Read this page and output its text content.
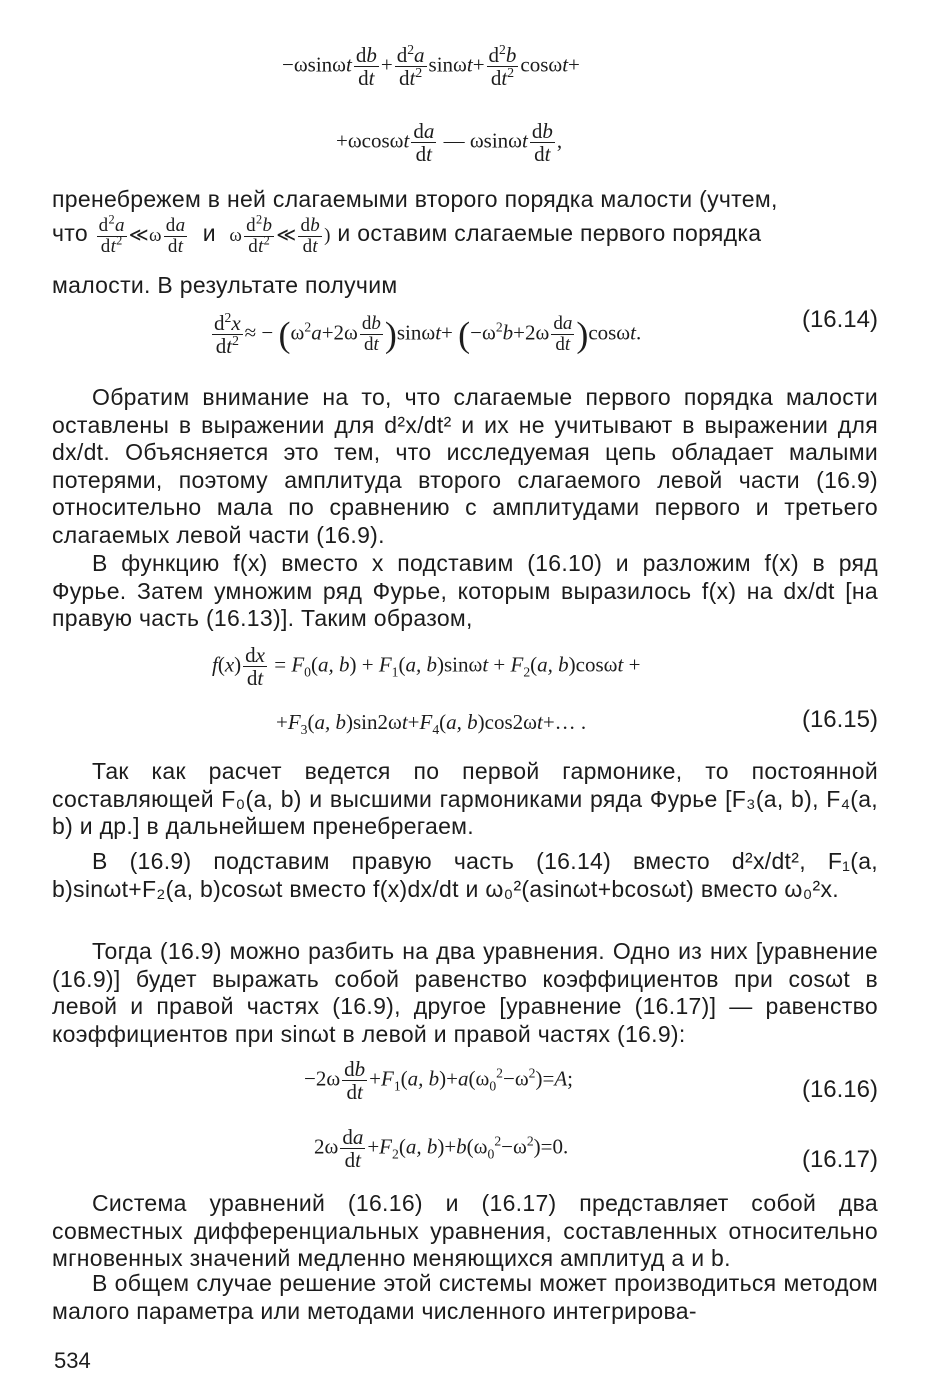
$-\omega\sin\omega t \frac{db}{dt} + \frac{d^2a}{dt^2} \sin\omega t+ \frac{d^2b}{dt^2} \cos\omega t+$
$+\omega\cos\omega t \frac{da}{dt}$ — ωsinωt $\frac{db}{dt}$ ,

пренебрежем в ней слагаемыми второго порядка малости (учтем,

что $\frac{d^2a}{dt^2}$ ≪ω $\frac{da}{dt}$ и ω $\frac{d^2b}{dt^2}$ ≪ $\frac{db}{dt}$ ) и оставим слагаемые первого порядка

малости. В результате получим

$\frac{d^2x}{dt^2}$ ≈ − $(\omega^2a+2\omega \frac{db}{dt} )\sin\omega t+ (-\omega^2b+2\omega \frac{da}{dt} )\cos\omega t$.	(16.14)

Обратим внимание на то, что слагаемые первого порядка малости оставлены в выражении для d²x/dt² и их не учитывают в выражении для dx/dt. Объясняется это тем, что исследуемая цепь обладает малыми потерями, поэтому амплитуда второго слагаемого левой части (16.9) относительно мала по сравнению с амплитудами первого и третьего слагаемых левой части (16.9).

В функцию f(x) вместо x подставим (16.10) и разложим f(x) в ряд Фурье. Затем умножим ряд Фурье, которым выразилось f(x) на dx/dt [на правую часть (16.13)]. Таким образом,

$f(x) \frac{dx}{dt} = F_0(a$, $b) + F_1(a$, $b)\sin\omega t + F_2(a$, b)cosωt +
$+F_3(a$, $b)\sin 2\omega t+F_4(a$, b)cos2ωt+… .	(16.15)

Так как расчет ведется по первой гармонике, то постоянной составляющей F₀(a, b) и высшими гармониками ряда Фурье [F₃(a, b), F₄(a, b) и др.] в дальнейшем пренебрегаем.

В (16.9) подставим правую часть (16.14) вместо d²x/dt², F₁(a, b)sinωt+F₂(a, b)cosωt вместо f(x)dx/dt и ω₀²(asinωt+bcosωt) вместо ω₀²x.

Тогда (16.9) можно разбить на два уравнения. Одно из них [уравнение (16.9)] будет выражать собой равенство коэффициентов при cosωt в левой и правой частях (16.9), другое [уравнение (16.17)] — равенство коэффициентов при sinωt в левой и правой частях (16.9):

$-2\omega \frac{db}{dt} +F_1(a$, $b)+a(\omega_0^2-\omega^2)=A$;	(16.16)
$2\omega \frac{da}{dt} +F_2(a$, $b)+b(\omega_0^2-\omega^2)=0$.	(16.17)

Система уравнений (16.16) и (16.17) представляет собой два совместных дифференциальных уравнения, составленных относительно мгновенных значений медленно меняющихся амплитуд a и b.

В общем случае решение этой системы может производиться методом малого параметра или методами численного интегрирова-

534
